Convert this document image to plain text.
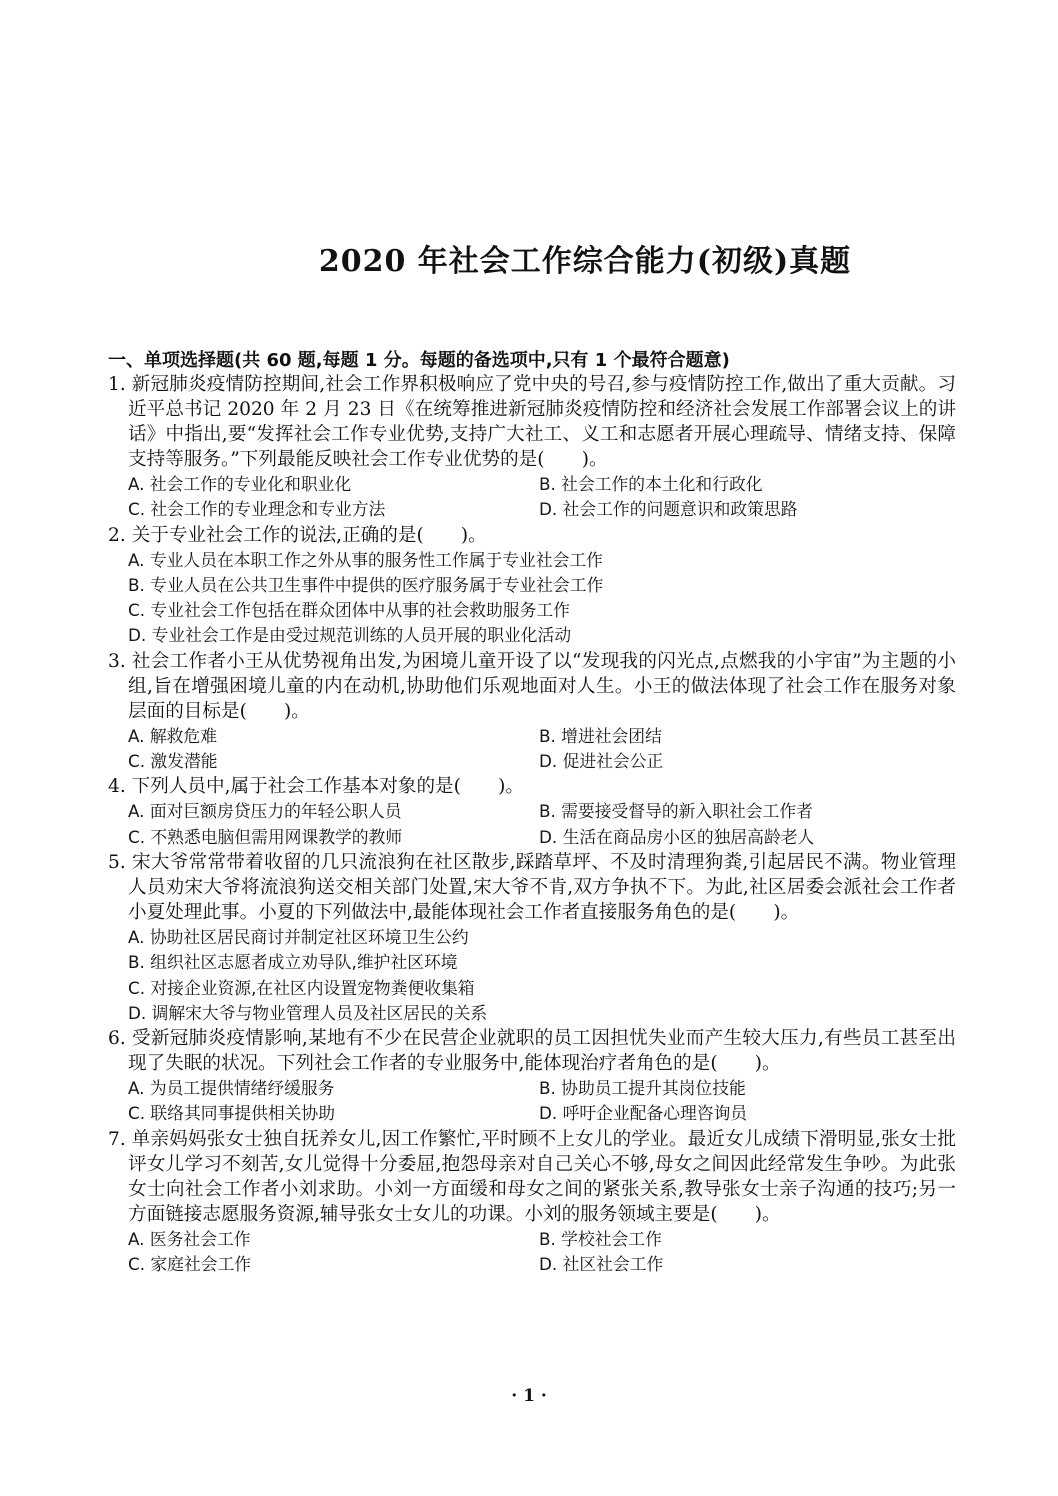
2020 年社会工作综合能力(初级)真题
一、单项选择题(共 60 题,每题 1 分。每题的备选项中,只有 1 个最符合题意)
1. 新冠肺炎疫情防控期间,社会工作界积极响应了党中央的号召,参与疫情防控工作,做出了重大贡献。习近平总书记 2020 年 2 月 23 日《在统筹推进新冠肺炎疫情防控和经济社会发展工作部署会议上的讲话》中指出,要“发挥社会工作专业优势,支持广大社工、义工和志愿者开展心理疏导、情绪支持、保障支持等服务。”下列最能反映社会工作专业优势的是(　　)。
A. 社会工作的专业化和职业化	B. 社会工作的本土化和行政化
C. 社会工作的专业理念和专业方法	D. 社会工作的问题意识和政策思路
2. 关于专业社会工作的说法,正确的是(　　)。
A. 专业人员在本职工作之外从事的服务性工作属于专业社会工作
B. 专业人员在公共卫生事件中提供的医疗服务属于专业社会工作
C. 专业社会工作包括在群众团体中从事的社会救助服务工作
D. 专业社会工作是由受过规范训练的人员开展的职业化活动
3. 社会工作者小王从优势视角出发,为困境儿童开设了以“发现我的闪光点,点燃我的小宇宙”为主题的小组,旨在增强困境儿童的内在动机,协助他们乐观地面对人生。小王的做法体现了社会工作在服务对象层面的目标是(　　)。
A. 解救危难	B. 增进社会团结
C. 激发潜能	D. 促进社会公正
4. 下列人员中,属于社会工作基本对象的是(　　)。
A. 面对巨额房贷压力的年轻公职人员	B. 需要接受督导的新入职社会工作者
C. 不熟悉电脑但需用网课教学的教师	D. 生活在商品房小区的独居高龄老人
5. 宋大爷常常带着收留的几只流浪狗在社区散步,踩踏草坪、不及时清理狗粪,引起居民不满。物业管理人员劝宋大爷将流浪狗送交相关部门处置,宋大爷不肯,双方争执不下。为此,社区居委会派社会工作者小夏处理此事。小夏的下列做法中,最能体现社会工作者直接服务角色的是(　　)。
A. 协助社区居民商讨并制定社区环境卫生公约
B. 组织社区志愿者成立劝导队,维护社区环境
C. 对接企业资源,在社区内设置宠物粪便收集箱
D. 调解宋大爷与物业管理人员及社区居民的关系
6. 受新冠肺炎疫情影响,某地有不少在民营企业就职的员工因担忧失业而产生较大压力,有些员工甚至出现了失眠的状况。下列社会工作者的专业服务中,能体现治疗者角色的是(　　)。
A. 为员工提供情绪纾缓服务	B. 协助员工提升其岗位技能
C. 联络其同事提供相关协助	D. 呼吁企业配备心理咨询员
7. 单亲妈妈张女士独自抚养女儿,因工作繁忙,平时顾不上女儿的学业。最近女儿成绩下滑明显,张女士批评女儿学习不刻苦,女儿觉得十分委屈,抱怨母亲对自己关心不够,母女之间因此经常发生争吵。为此张女士向社会工作者小刘求助。小刘一方面缓和母女之间的紧张关系,教导张女士亲子沟通的技巧;另一方面链接志愿服务资源,辅导张女士女儿的功课。小刘的服务领域主要是(　　)。
A. 医务社会工作	B. 学校社会工作
C. 家庭社会工作	D. 社区社会工作
· 1 ·
